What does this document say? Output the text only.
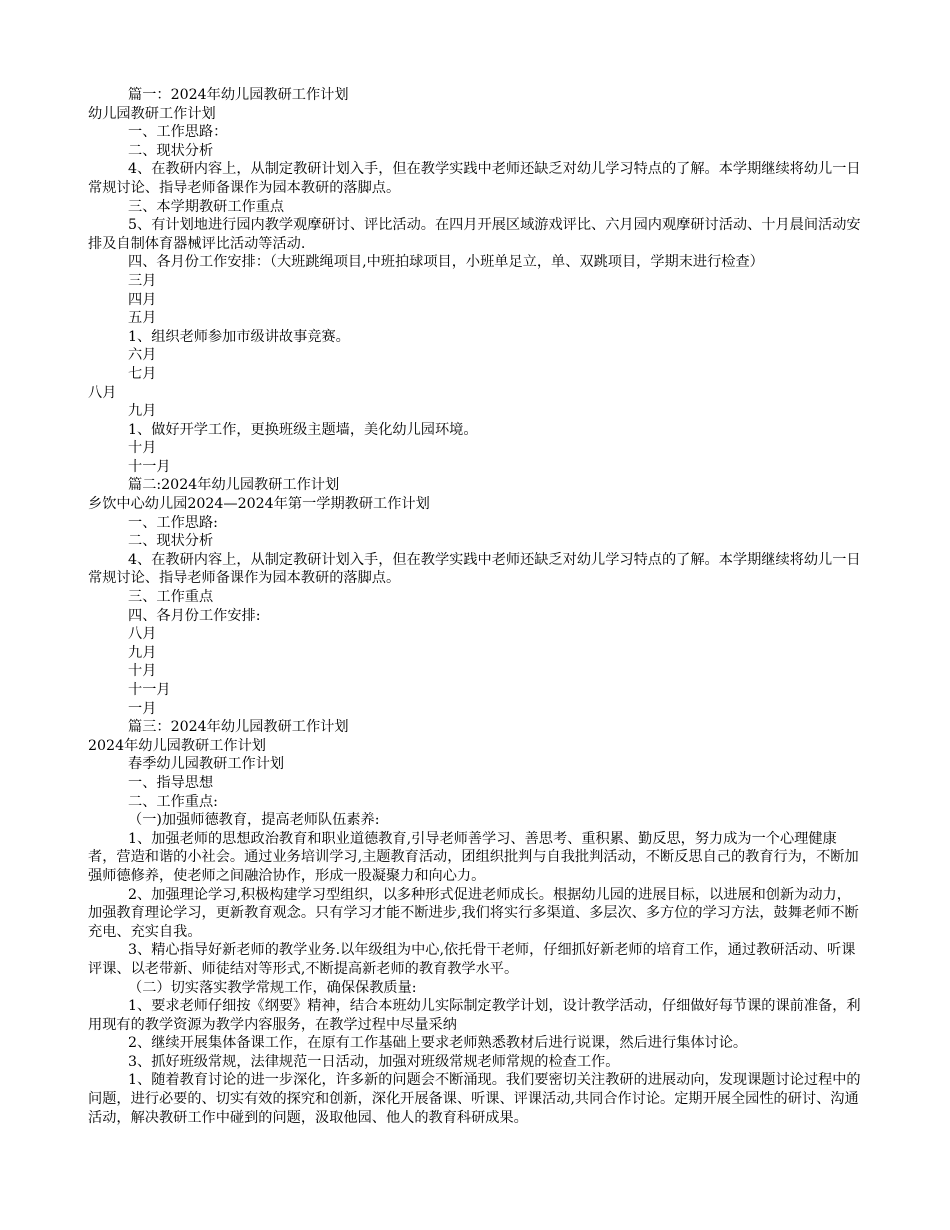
篇一：2024年幼儿园教研工作计划

幼儿园教研工作计划

一、工作思路：

二、现状分析

4、在教研内容上，从制定教研计划入手，但在教学实践中老师还缺乏对幼儿学习特点的了解。本学期继续将幼儿一日常规讨论、指导老师备课作为园本教研的落脚点。

三、本学期教研工作重点

5、有计划地进行园内教学观摩研讨、评比活动。在四月开展区域游戏评比、六月园内观摩研讨活动、十月晨间活动安排及自制体育器械评比活动等活动.

四、各月份工作安排：（大班跳绳项目,中班拍球项目，小班单足立，单、双跳项目，学期末进行检查）

三月

四月

五月

1、组织老师参加市级讲故事竞赛。

六月

七月

八月

九月

1、做好开学工作，更换班级主题墙，美化幼儿园环境。

十月

十一月

篇二:2024年幼儿园教研工作计划

乡饮中心幼儿园2024—2024年第一学期教研工作计划

一、工作思路:

二、现状分析

4、在教研内容上，从制定教研计划入手，但在教学实践中老师还缺乏对幼儿学习特点的了解。本学期继续将幼儿一日常规讨论、指导老师备课作为园本教研的落脚点。

三、工作重点

四、各月份工作安排:

八月

九月

十月

十一月

一月

篇三：2024年幼儿园教研工作计划

2024年幼儿园教研工作计划

春季幼儿园教研工作计划

一、指导思想

二、工作重点:

（一)加强师德教育，提高老师队伍素养:

1、加强老师的思想政治教育和职业道德教育,引导老师善学习、善思考、重积累、勤反思，努力成为一个心理健康者，营造和谐的小社会。通过业务培训学习,主题教育活动，团组织批判与自我批判活动，不断反思自己的教育行为，不断加强师德修养，使老师之间融洽协作，形成一股凝聚力和向心力。

2、加强理论学习,积极构建学习型组织，以多种形式促进老师成长。根据幼儿园的进展目标，以进展和创新为动力，加强教育理论学习，更新教育观念。只有学习才能不断进步,我们将实行多渠道、多层次、多方位的学习方法，鼓舞老师不断充电、充实自我。

3、精心指导好新老师的教学业务.以年级组为中心,依托骨干老师，仔细抓好新老师的培育工作，通过教研活动、听课评课、以老带新、师徒结对等形式,不断提高新老师的教育教学水平。

（二）切实落实教学常规工作，确保保教质量:

1、要求老师仔细按《纲要》精神，结合本班幼儿实际制定教学计划，设计教学活动，仔细做好每节课的课前准备，利用现有的教学资源为教学内容服务，在教学过程中尽量采纳

2、继续开展集体备课工作，在原有工作基础上要求老师熟悉教材后进行说课，然后进行集体讨论。

3、抓好班级常规，法律规范一日活动，加强对班级常规老师常规的检查工作。

1、随着教育讨论的进一步深化，许多新的问题会不断涌现。我们要密切关注教研的进展动向，发现课题讨论过程中的问题，进行必要的、切实有效的探究和创新，深化开展备课、听课、评课活动,共同合作讨论。定期开展全园性的研讨、沟通活动，解决教研工作中碰到的问题，汲取他园、他人的教育科研成果。
